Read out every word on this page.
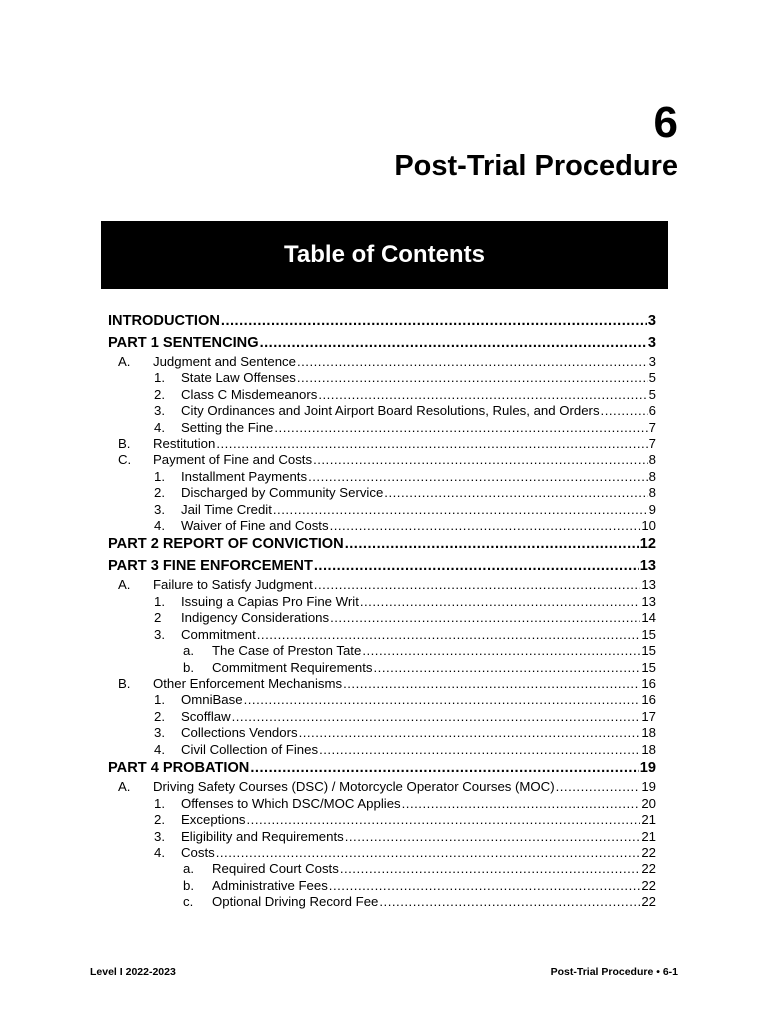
6
Post-Trial Procedure
Table of Contents
INTRODUCTION .....	3
PART 1 SENTENCING .....	3
A.	Judgment and Sentence .....	3
1.	State Law Offenses .....	5
2.	Class C Misdemeanors .....	5
3.	City Ordinances and Joint Airport Board Resolutions, Rules, and Orders .....	6
4.	Setting the Fine .....	7
B.	Restitution .....	7
C.	Payment of Fine and Costs .....	8
1.	Installment Payments .....	8
2.	Discharged by Community Service .....	8
3.	Jail Time Credit .....	9
4.	Waiver of Fine and Costs .....	10
PART 2 REPORT OF CONVICTION .....	12
PART 3 FINE ENFORCEMENT .....	13
A.	Failure to Satisfy Judgment .....	13
1.	Issuing a Capias Pro Fine Writ .....	13
2	Indigency Considerations .....	14
3.	Commitment .....	15
a.	The Case of Preston Tate .....	15
b.	Commitment Requirements .....	15
B.	Other Enforcement Mechanisms .....	16
1.	OmniBase .....	16
2.	Scofflaw .....	17
3.	Collections Vendors .....	18
4.	Civil Collection of Fines .....	18
PART 4 PROBATION .....	19
A.	Driving Safety Courses (DSC) / Motorcycle Operator Courses (MOC) .....	19
1.	Offenses to Which DSC/MOC Applies .....	20
2.	Exceptions .....	21
3.	Eligibility and Requirements .....	21
4.	Costs .....	22
a.	Required Court Costs .....	22
b.	Administrative Fees .....	22
c.	Optional Driving Record Fee .....	22
Level I 2022-2023	Post-Trial Procedure • 6-1
